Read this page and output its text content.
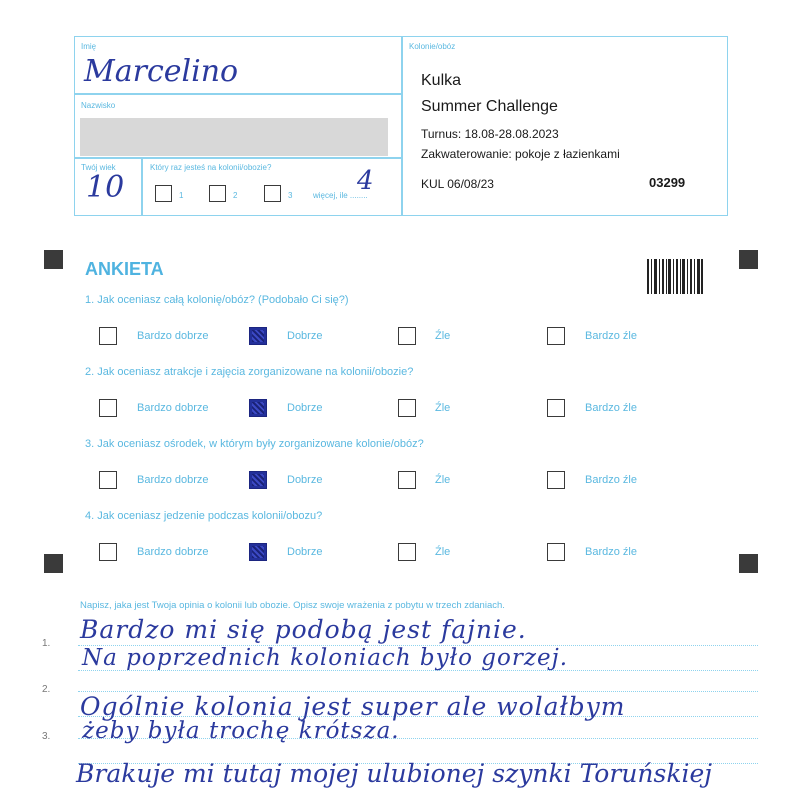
Imię
Marcelino
Nazwisko
Twój wiek
10
Który raz jesteś na kolonii/obozie?
1	2	3	więcej, ile ........
4
Kolonie/obóz
Kulka
Summer Challenge
Turnus: 18.08-28.08.2023
Zakwaterowanie: pokoje z łazienkami
KUL 06/08/23	03299
ANKIETA
1. Jak oceniasz całą kolonię/obóz? (Podobało Ci się?)
Bardzo dobrze	Dobrze	Źle	Bardzo źle
2. Jak oceniasz atrakcje i zajęcia zorganizowane na kolonii/obozie?
Bardzo dobrze	Dobrze	Źle	Bardzo źle
3. Jak oceniasz ośrodek, w którym były zorganizowane kolonie/obóz?
Bardzo dobrze	Dobrze	Źle	Bardzo źle
4. Jak oceniasz jedzenie podczas kolonii/obozu?
Bardzo dobrze	Dobrze	Źle	Bardzo źle
Napisz, jaka jest Twoja opinia o kolonii lub obozie. Opisz swoje wrażenia z pobytu w trzech zdaniach.
1.
2.
3.
Bardzo mi się podobą jest fajnie.
Na poprzednich koloniach było gorzej.
Ogólnie kolonia jest super ale wolałbym
żeby była trochę krótsza.
Brakuje mi tutaj mojej ulubionej szynki Toruńskiej
